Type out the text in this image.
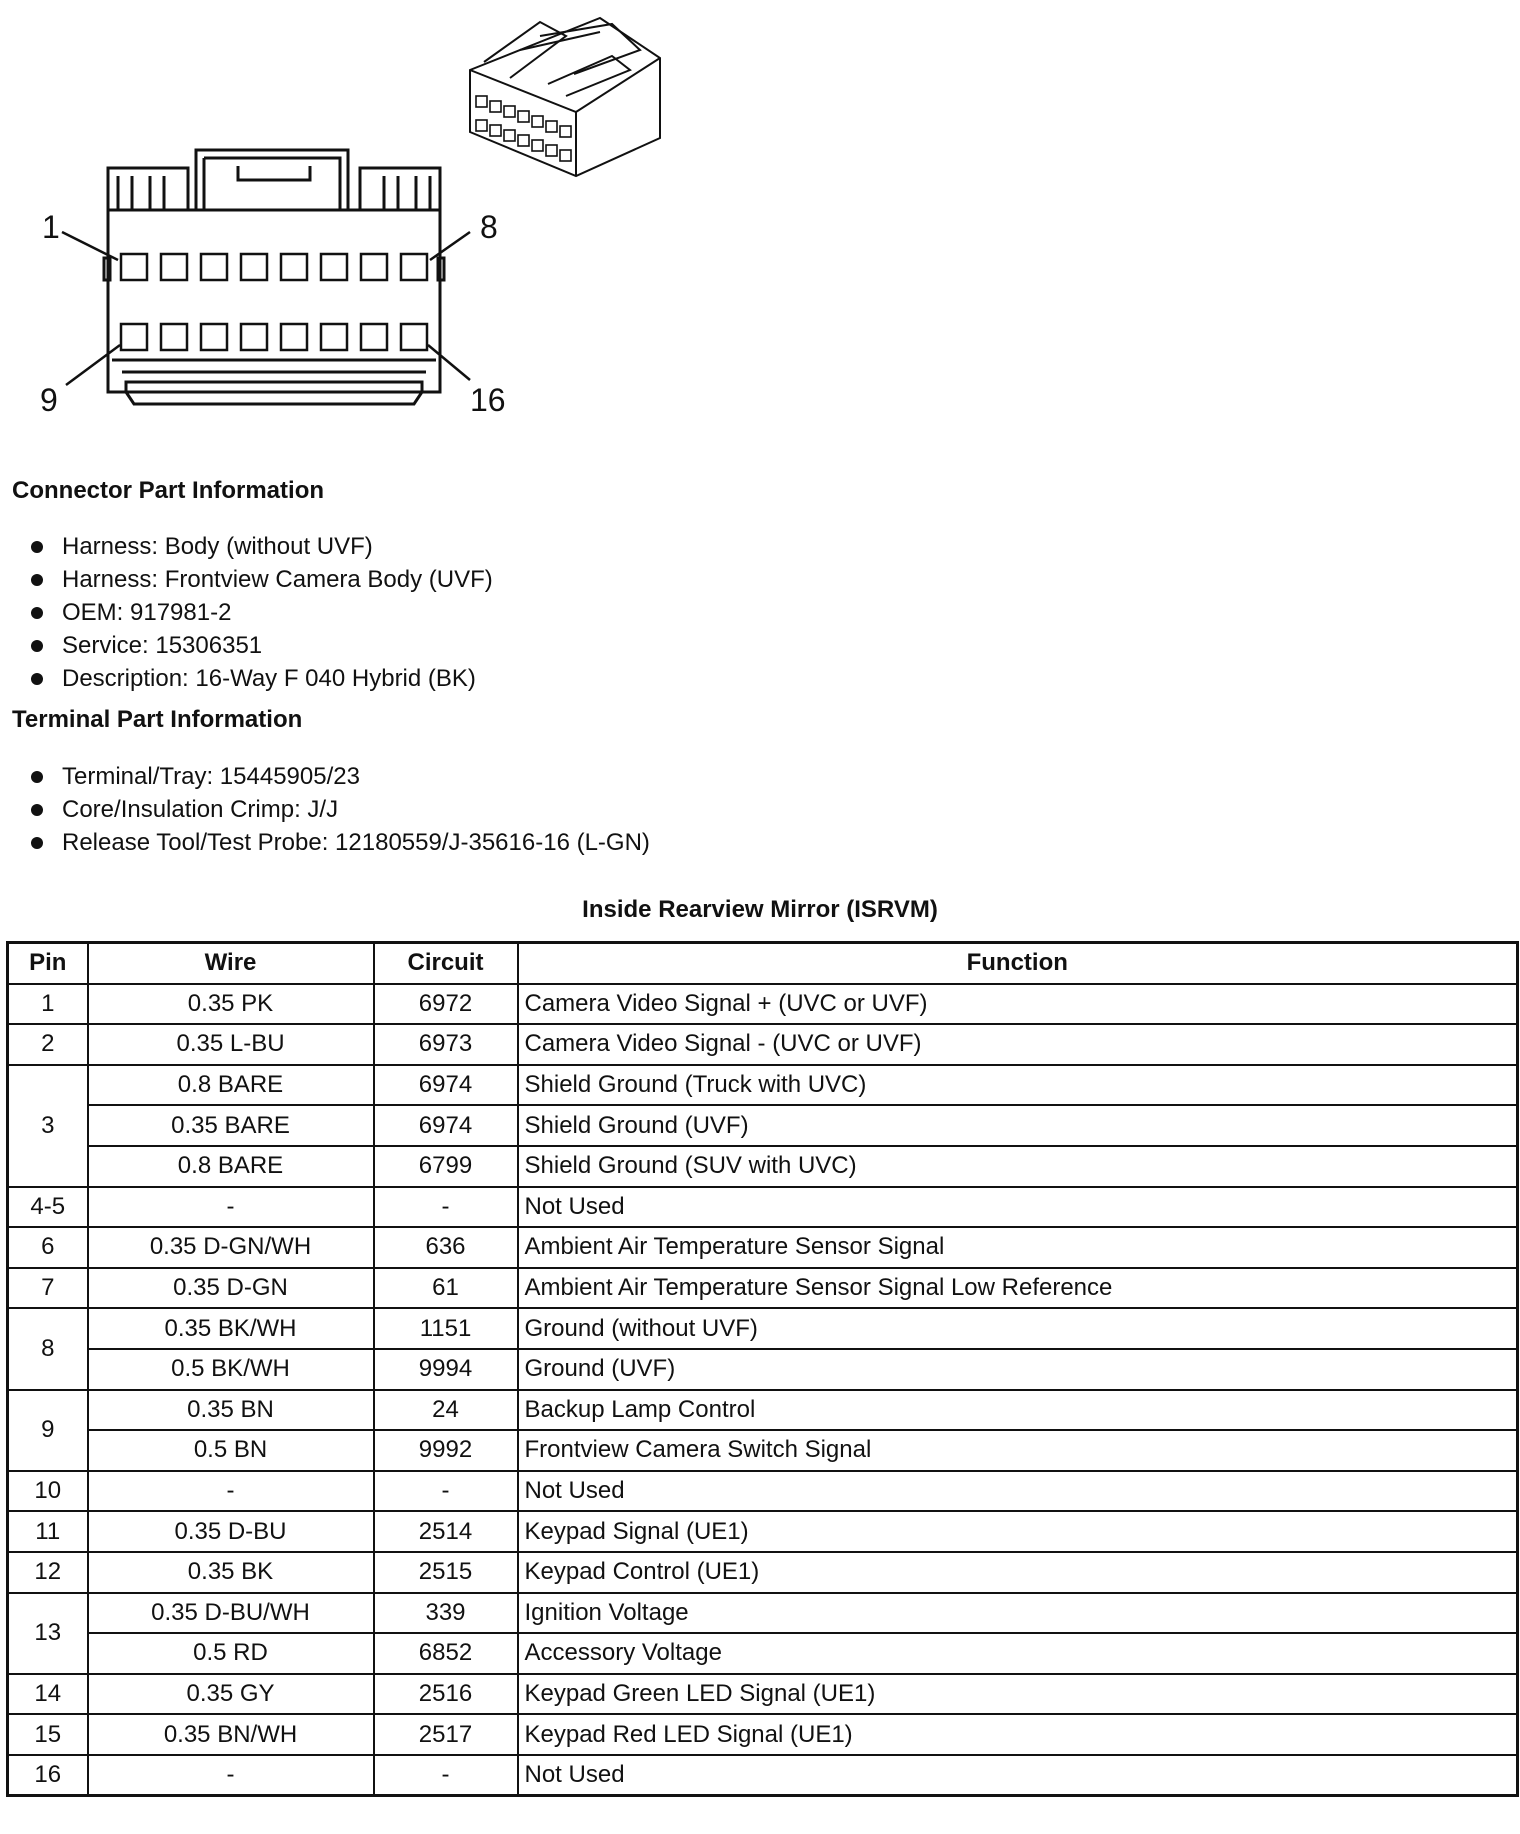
1	8
9	16
Connector Part Information
Harness: Body (without UVF)
Harness: Frontview Camera Body (UVF)
OEM: 917981-2
Service: 15306351
Description: 16-Way F 040 Hybrid (BK)
Terminal Part Information
Terminal/Tray: 15445905/23
Core/Insulation Crimp: J/J
Release Tool/Test Probe: 12180559/J-35616-16 (L-GN)
Inside Rearview Mirror (ISRVM)
Pin	Wire	Circuit	Function
1	0.35 PK	6972	Camera Video Signal + (UVC or UVF)
2	0.35 L-BU	6973	Camera Video Signal - (UVC or UVF)
3	0.8 BARE	6974	Shield Ground (Truck with UVC)
	0.35 BARE	6974	Shield Ground (UVF)
	0.8 BARE	6799	Shield Ground (SUV with UVC)
4-5	-	-	Not Used
6	0.35 D-GN/WH	636	Ambient Air Temperature Sensor Signal
7	0.35 D-GN	61	Ambient Air Temperature Sensor Signal Low Reference
8	0.35 BK/WH	1151	Ground (without UVF)
	0.5 BK/WH	9994	Ground (UVF)
9	0.35 BN	24	Backup Lamp Control
	0.5 BN	9992	Frontview Camera Switch Signal
10	-	-	Not Used
11	0.35 D-BU	2514	Keypad Signal (UE1)
12	0.35 BK	2515	Keypad Control (UE1)
13	0.35 D-BU/WH	339	Ignition Voltage
	0.5 RD	6852	Accessory Voltage
14	0.35 GY	2516	Keypad Green LED Signal (UE1)
15	0.35 BN/WH	2517	Keypad Red LED Signal (UE1)
16	-	-	Not Used
